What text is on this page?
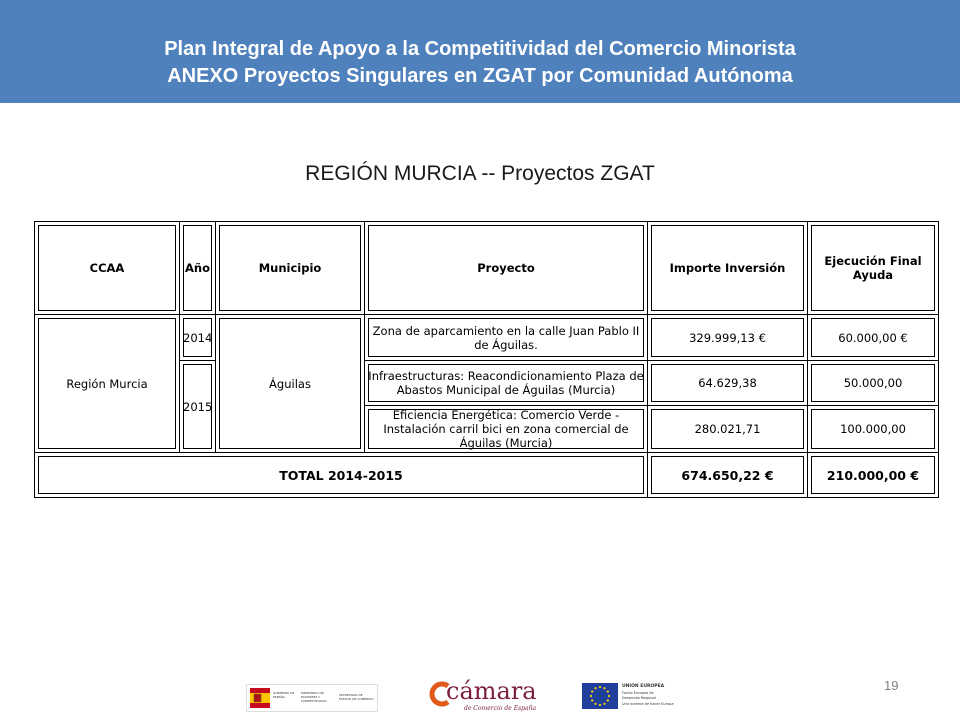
Plan Integral de Apoyo a la Competitividad del Comercio Minorista
ANEXO Proyectos Singulares en ZGAT por Comunidad Autónoma
REGIÓN MURCIA -- Proyectos ZGAT
CCAA	Año	Municipio	Proyecto	Importe Inversión	Ejecución Final Ayuda
Región Murcia	2014	Águilas	Zona de aparcamiento en la calle Juan Pablo II de Águilas.	329.999,13 €	60.000,00 €
	2015		Infraestructuras: Reacondicionamiento Plaza de Abastos Municipal de Águilas (Murcia)	64.629,38	50.000,00
			Eficiencia Energética: Comercio Verde - Instalación carril bici en zona comercial de Águilas (Murcia)	280.021,71	100.000,00
TOTAL 2014-2015				674.650,22 €	210.000,00 €
19
GOBIERNO DE ESPAÑA
MINISTERIO DE ECONOMÍA Y COMPETITIVIDAD
SECRETARÍA DE ESTADO DE COMERCIO	cámara
de Comercio de España
UNIÓN EUROPEA
Fondo Europeo de Desarrollo Regional
Una manera de hacer Europa
